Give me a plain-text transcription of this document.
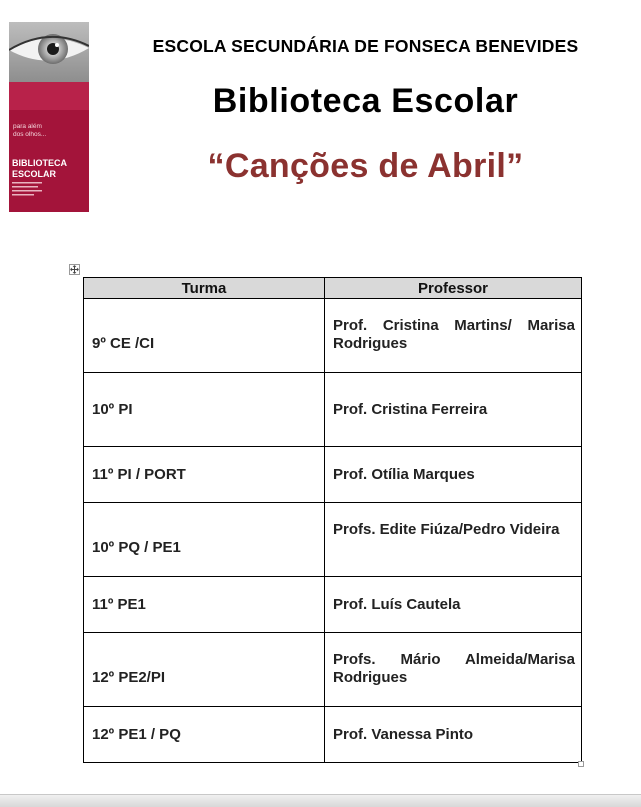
para além
dos olhos...
BIBLIOTECA
ESCOLAR
ESCOLA SECUNDÁRIA DE FONSECA BENEVIDES
Biblioteca Escolar
“Canções de Abril”
Turma	Professor
9º CE /CI	Prof. Cristina Martins/ Marisa Rodrigues
10º PI	Prof. Cristina Ferreira
11º PI / PORT	Prof. Otília Marques
10º PQ / PE1	Profs. Edite Fiúza/Pedro Videira
11º PE1	Prof. Luís Cautela
12º PE2/PI	Profs. Mário Almeida/Marisa Rodrigues
12º PE1 / PQ	Prof. Vanessa Pinto
